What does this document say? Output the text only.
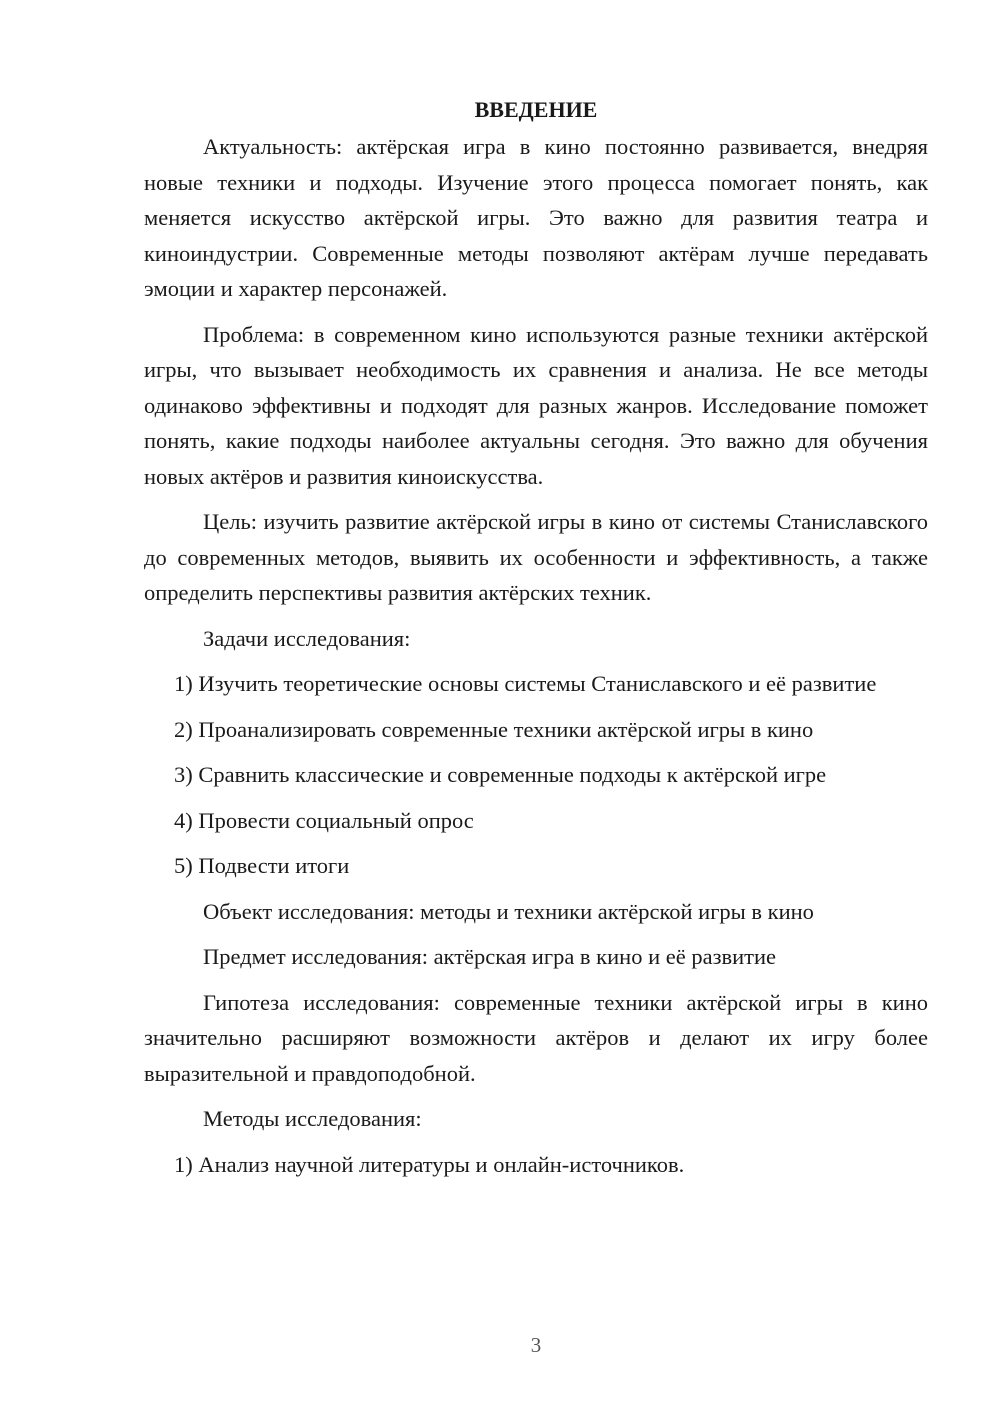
ВВЕДЕНИЕ

Актуальность: актёрская игра в кино постоянно развивается, внедряя новые техники и подходы. Изучение этого процесса помогает понять, как меняется искусство актёрской игры. Это важно для развития театра и киноиндустрии. Современные методы позволяют актёрам лучше передавать эмоции и характер персонажей.

Проблема: в современном кино используются разные техники актёрской игры, что вызывает необходимость их сравнения и анализа. Не все методы одинаково эффективны и подходят для разных жанров. Исследование поможет понять, какие подходы наиболее актуальны сегодня. Это важно для обучения новых актёров и развития киноискусства.

Цель: изучить развитие актёрской игры в кино от системы Станиславского до современных методов, выявить их особенности и эффективность, а также определить перспективы развития актёрских техник.

Задачи исследования:

1) Изучить теоретические основы системы Станиславского и её развитие

2) Проанализировать современные техники актёрской игры в кино

3) Сравнить классические и современные подходы к актёрской игре

4) Провести социальный опрос

5) Подвести итоги

Объект исследования: методы и техники актёрской игры в кино

Предмет исследования: актёрская игра в кино и её развитие

Гипотеза исследования: современные техники актёрской игры в кино значительно расширяют возможности актёров и делают их игру более выразительной и правдоподобной.

Методы исследования:

1) Анализ научной литературы и онлайн-источников.

3
